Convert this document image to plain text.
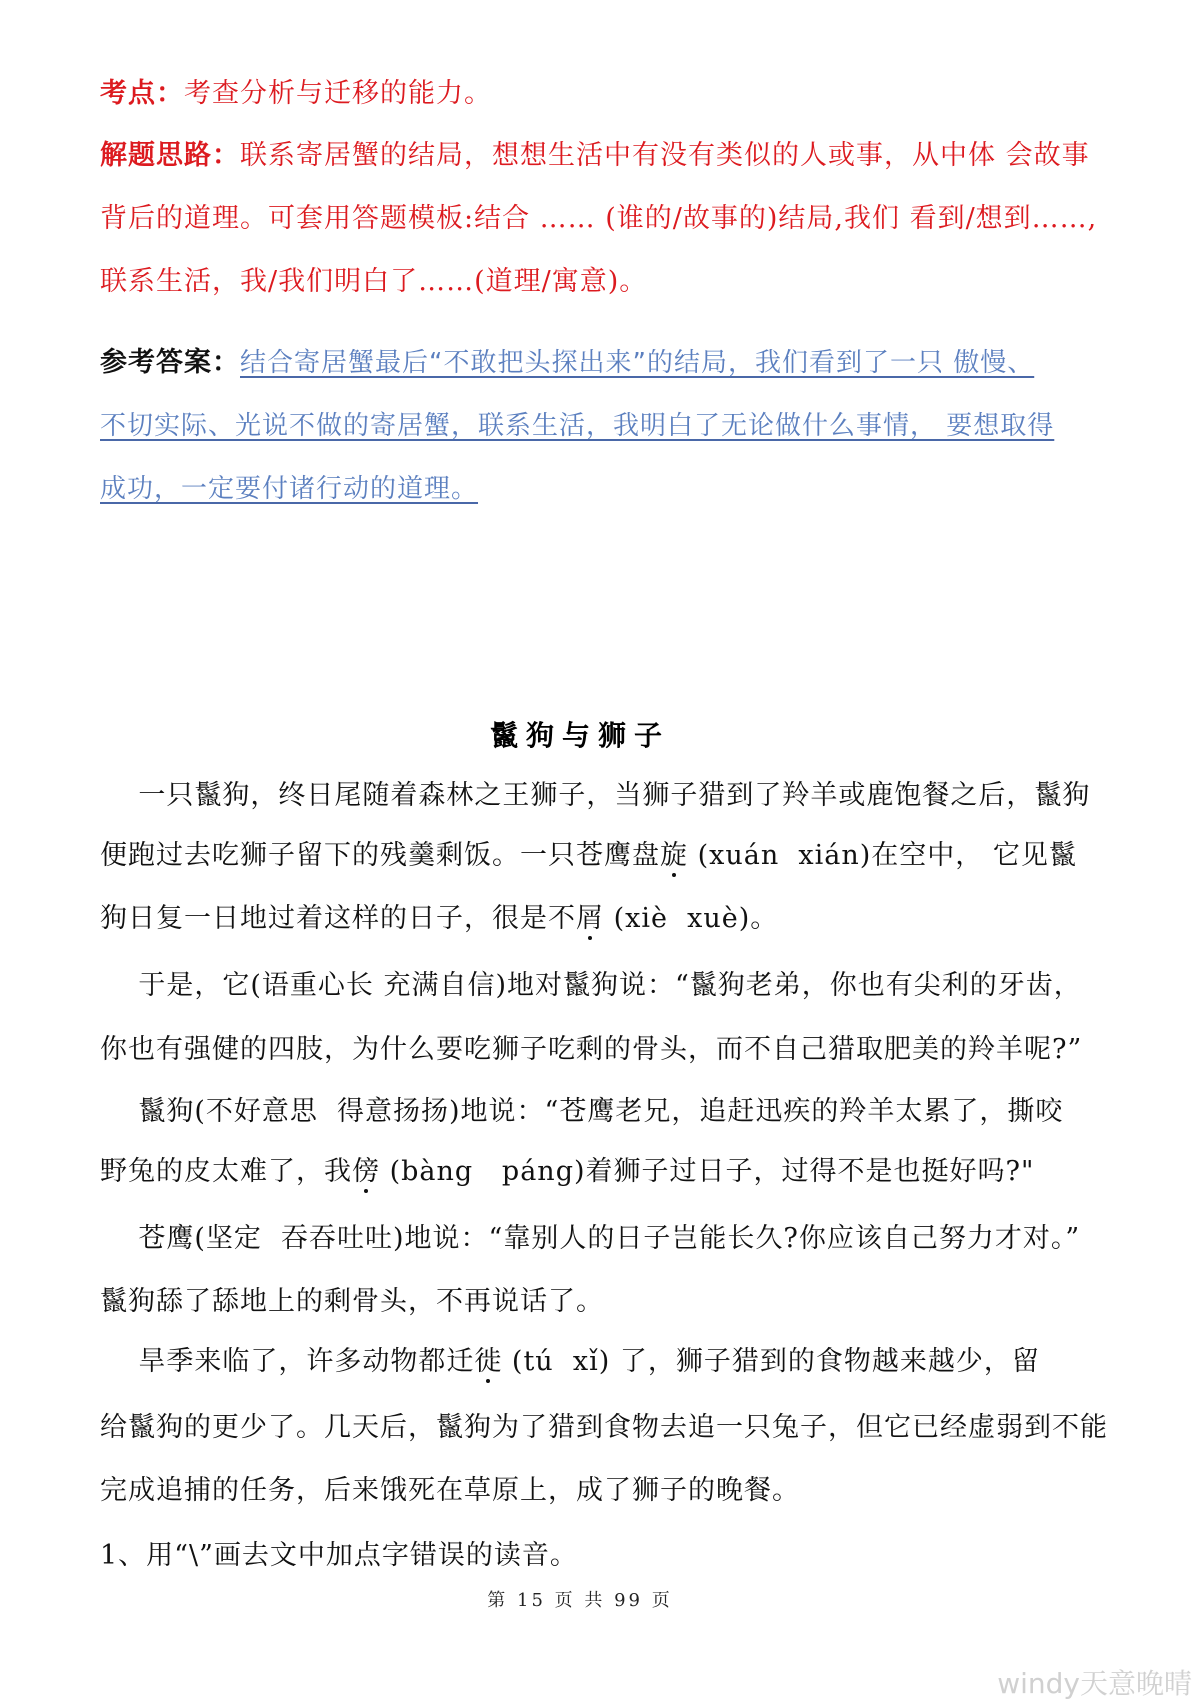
考点：考查分析与迁移的能力。
解题思路：联系寄居蟹的结局，想想生活中有没有类似的人或事，从中体 会故事
背后的道理。可套用答题模板:结合 …… (谁的/故事的)结局,我们 看到/想到……,
联系生活，我/我们明白了……(道理/寓意)。
参考答案：结合寄居蟹最后“不敢把头探出来”的结局，我们看到了一只 傲慢、
不切实际、光说不做的寄居蟹，联系生活，我明白了无论做什么事情， 要想取得
成功，一定要付诸行动的道理。
鬣狗与狮子
一只鬣狗，终日尾随着森林之王狮子，当狮子猎到了羚羊或鹿饱餐之后，鬣狗
便跑过去吃狮子留下的残羹剩饭。一只苍鹰盘旋 (xuán  xián)在空中， 它见鬣
狗日复一日地过着这样的日子，很是不屑 (xiè  xuè)。
于是，它(语重心长 充满自信)地对鬣狗说：“鬣狗老弟，你也有尖利的牙齿，
你也有强健的四肢，为什么要吃狮子吃剩的骨头，而不自己猎取肥美的羚羊呢?”
鬣狗(不好意思  得意扬扬)地说：“苍鹰老兄，追赶迅疾的羚羊太累了，撕咬
野兔的皮太难了，我傍 (bàng   páng)着狮子过日子，过得不是也挺好吗?"
苍鹰(坚定  吞吞吐吐)地说：“靠别人的日子岂能长久?你应该自己努力才对。”
鬣狗舔了舔地上的剩骨头，不再说话了。
旱季来临了，许多动物都迁徙 (tú  xǐ) 了，狮子猎到的食物越来越少，留
给鬣狗的更少了。几天后，鬣狗为了猎到食物去追一只兔子，但它已经虚弱到不能
完成追捕的任务，后来饿死在草原上，成了狮子的晚餐。
1、用“\”画去文中加点字错误的读音。
第 15 页 共 99 页
windy天意晚晴
